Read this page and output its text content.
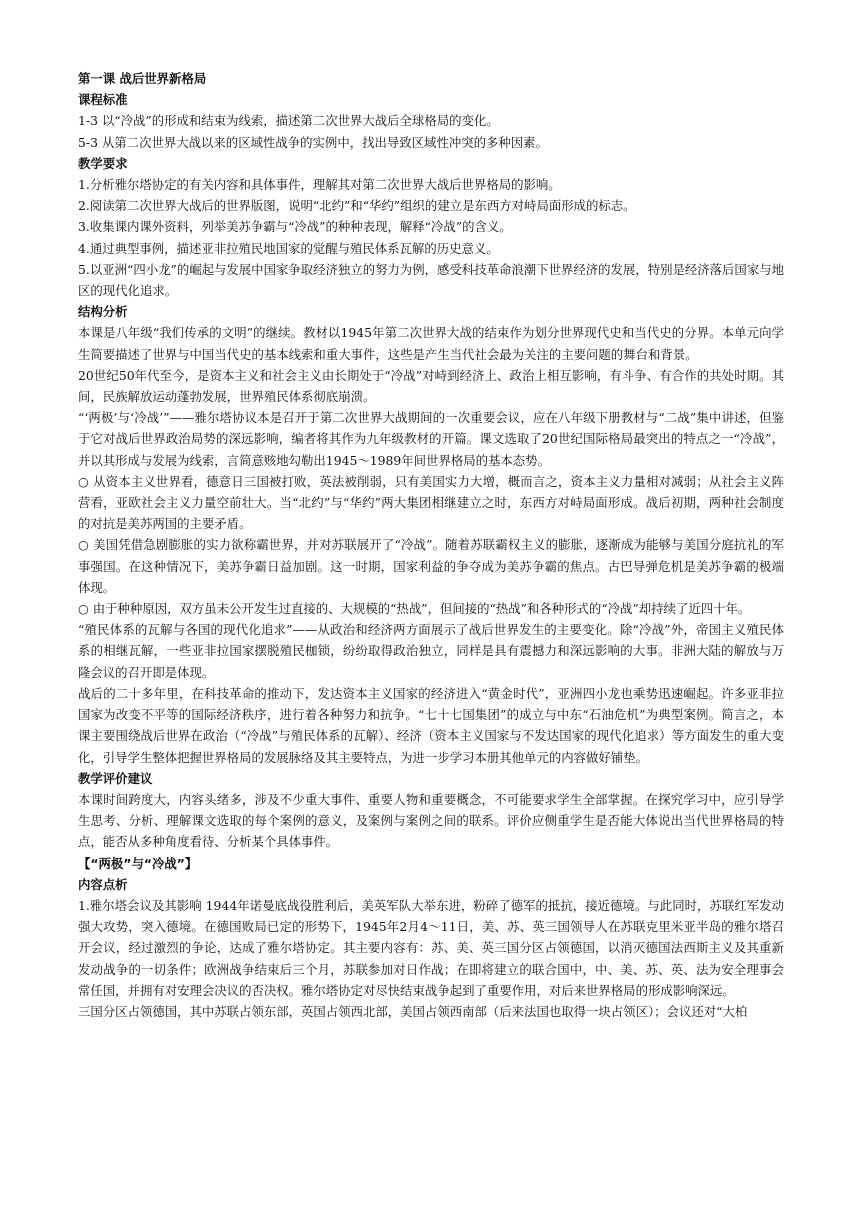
第一课 战后世界新格局

课程标准

1-3 以“冷战”的形成和结束为线索，描述第二次世界大战后全球格局的变化。

5-3 从第二次世界大战以来的区域性战争的实例中，找出导致区域性冲突的多种因素。

教学要求

1.分析雅尔塔协定的有关内容和具体事件，理解其对第二次世界大战后世界格局的影响。

2.阅读第二次世界大战后的世界版图，说明“北约”和“华约”组织的建立是东西方对峙局面形成的标志。

3.收集课内课外资料，列举美苏争霸与“冷战”的种种表现，解释“冷战”的含义。

4.通过典型事例，描述亚非拉殖民地国家的觉醒与殖民体系瓦解的历史意义。

5.以亚洲“四小龙”的崛起与发展中国家争取经济独立的努力为例，感受科技革命浪潮下世界经济的发展，特别是经济落后国家与地区的现代化追求。

结构分析

本课是八年级“我们传承的文明”的继续。教材以1945年第二次世界大战的结束作为划分世界现代史和当代史的分界。本单元向学生简要描述了世界与中国当代史的基本线索和重大事件，这些是产生当代社会最为关注的主要问题的舞台和背景。

20世纪50年代至今，是资本主义和社会主义由长期处于“冷战”对峙到经济上、政治上相互影响，有斗争、有合作的共处时期。其间，民族解放运动蓬勃发展，世界殖民体系彻底崩溃。

“‘两极’与‘冷战’”——雅尔塔协议本是召开于第二次世界大战期间的一次重要会议，应在八年级下册教材与“二战”集中讲述，但鉴于它对战后世界政治局势的深远影响，编者将其作为九年级教材的开篇。课文选取了20世纪国际格局最突出的特点之一“冷战”，并以其形成与发展为线索，言简意赅地勾勒出1945～1989年间世界格局的基本态势。

○ 从资本主义世界看，德意日三国被打败，英法被削弱，只有美国实力大增，概而言之，资本主义力量相对减弱；从社会主义阵营看，亚欧社会主义力量空前壮大。当“北约”与“华约”两大集团相继建立之时，东西方对峙局面形成。战后初期，两种社会制度的对抗是美苏两国的主要矛盾。

○ 美国凭借急剧膨胀的实力欲称霸世界，并对苏联展开了“冷战”。随着苏联霸权主义的膨胀，逐渐成为能够与美国分庭抗礼的军事强国。在这种情况下，美苏争霸日益加剧。这一时期，国家利益的争夺成为美苏争霸的焦点。古巴导弹危机是美苏争霸的极端体现。

○ 由于种种原因，双方虽未公开发生过直接的、大规模的“热战”，但间接的“热战”和各种形式的“冷战”却持续了近四十年。

“殖民体系的瓦解与各国的现代化追求”——从政治和经济两方面展示了战后世界发生的主要变化。除“冷战”外，帝国主义殖民体系的相继瓦解，一些亚非拉国家摆脱殖民枷锁，纷纷取得政治独立，同样是具有震撼力和深远影响的大事。非洲大陆的解放与万隆会议的召开即是体现。

战后的二十多年里，在科技革命的推动下，发达资本主义国家的经济进入“黄金时代”，亚洲四小龙也乘势迅速崛起。许多亚非拉国家为改变不平等的国际经济秩序，进行着各种努力和抗争。“七十七国集团”的成立与中东“石油危机”为典型案例。简言之，本课主要围绕战后世界在政治（“冷战”与殖民体系的瓦解）、经济（资本主义国家与不发达国家的现代化追求）等方面发生的重大变化，引导学生整体把握世界格局的发展脉络及其主要特点，为进一步学习本册其他单元的内容做好铺垫。

教学评价建议

本课时间跨度大，内容头绪多，涉及不少重大事件、重要人物和重要概念，不可能要求学生全部掌握。在探究学习中，应引导学生思考、分析、理解课文选取的每个案例的意义，及案例与案例之间的联系。评价应侧重学生是否能大体说出当代世界格局的特点，能否从多种角度看待、分析某个具体事件。

【“两极”与“冷战”】

内容点析

1.雅尔塔会议及其影响 1944年诺曼底战役胜利后，美英军队大举东进，粉碎了德军的抵抗，接近德境。与此同时，苏联红军发动强大攻势，突入德境。在德国败局已定的形势下，1945年2月4～11日，美、苏、英三国领导人在苏联克里米亚半岛的雅尔塔召开会议，经过激烈的争论，达成了雅尔塔协定。其主要内容有：苏、美、英三国分区占领德国，以消灭德国法西斯主义及其重新发动战争的一切条件；欧洲战争结束后三个月，苏联参加对日作战；在即将建立的联合国中，中、美、苏、英、法为安全理事会常任国，并拥有对安理会决议的否决权。雅尔塔协定对尽快结束战争起到了重要作用，对后来世界格局的形成影响深远。

三国分区占领德国，其中苏联占领东部，英国占领西北部，美国占领西南部（后来法国也取得一块占领区）；会议还对“大柏
